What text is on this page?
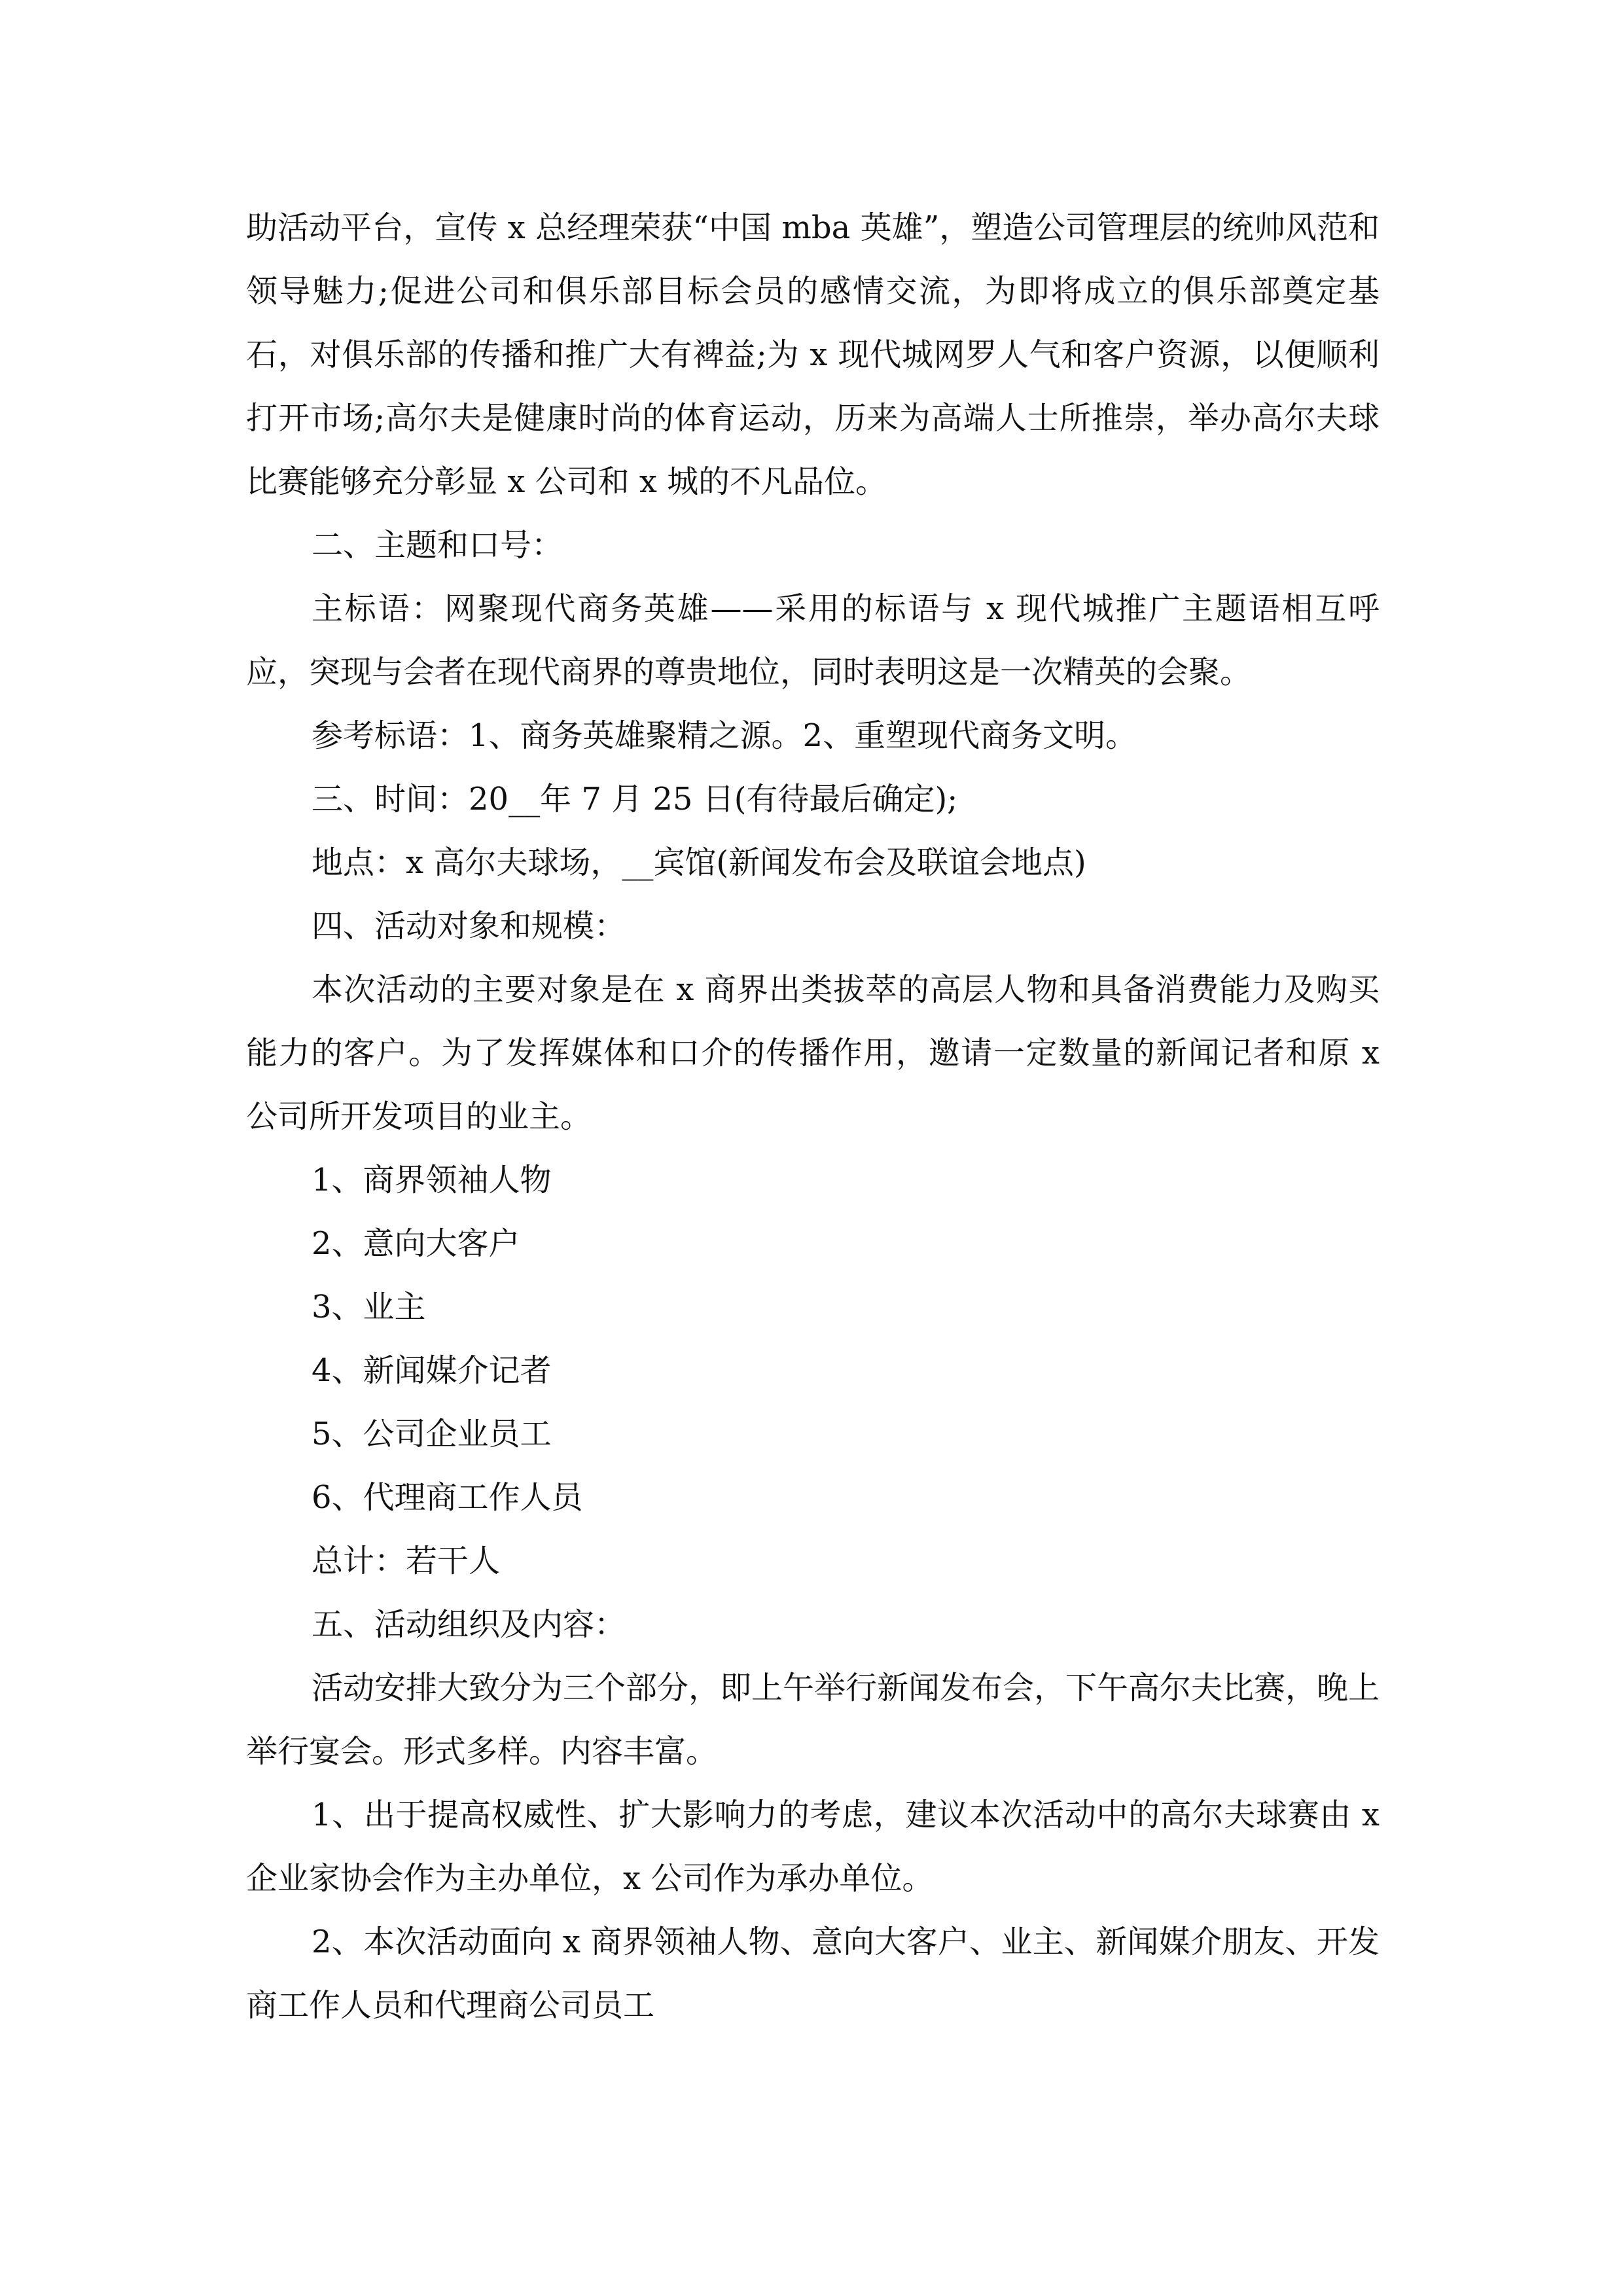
助活动平台，宣传 x 总经理荣获“中国 mba 英雄”，塑造公司管理层的统帅风范和领导魅力;促进公司和俱乐部目标会员的感情交流，为即将成立的俱乐部奠定基石，对俱乐部的传播和推广大有裨益;为 x 现代城网罗人气和客户资源，以便顺利打开市场;高尔夫是健康时尚的体育运动，历来为高端人士所推崇，举办高尔夫球比赛能够充分彰显 x 公司和 x 城的不凡品位。

二、主题和口号：

主标语：网聚现代商务英雄——采用的标语与 x 现代城推广主题语相互呼应，突现与会者在现代商界的尊贵地位，同时表明这是一次精英的会聚。

参考标语：1、商务英雄聚精之源。2、重塑现代商务文明。

三、时间：20__年 7 月 25 日(有待最后确定);

地点：x 高尔夫球场，__宾馆(新闻发布会及联谊会地点)

四、活动对象和规模：

本次活动的主要对象是在 x 商界出类拔萃的高层人物和具备消费能力及购买能力的客户。为了发挥媒体和口介的传播作用，邀请一定数量的新闻记者和原 x 公司所开发项目的业主。

1、商界领袖人物

2、意向大客户

3、业主

4、新闻媒介记者

5、公司企业员工

6、代理商工作人员

总计：若干人

五、活动组织及内容：

活动安排大致分为三个部分，即上午举行新闻发布会，下午高尔夫比赛，晚上举行宴会。形式多样。内容丰富。

1、出于提高权威性、扩大影响力的考虑，建议本次活动中的高尔夫球赛由 x 企业家协会作为主办单位，x 公司作为承办单位。

2、本次活动面向 x 商界领袖人物、意向大客户、业主、新闻媒介朋友、开发商工作人员和代理商公司员工
